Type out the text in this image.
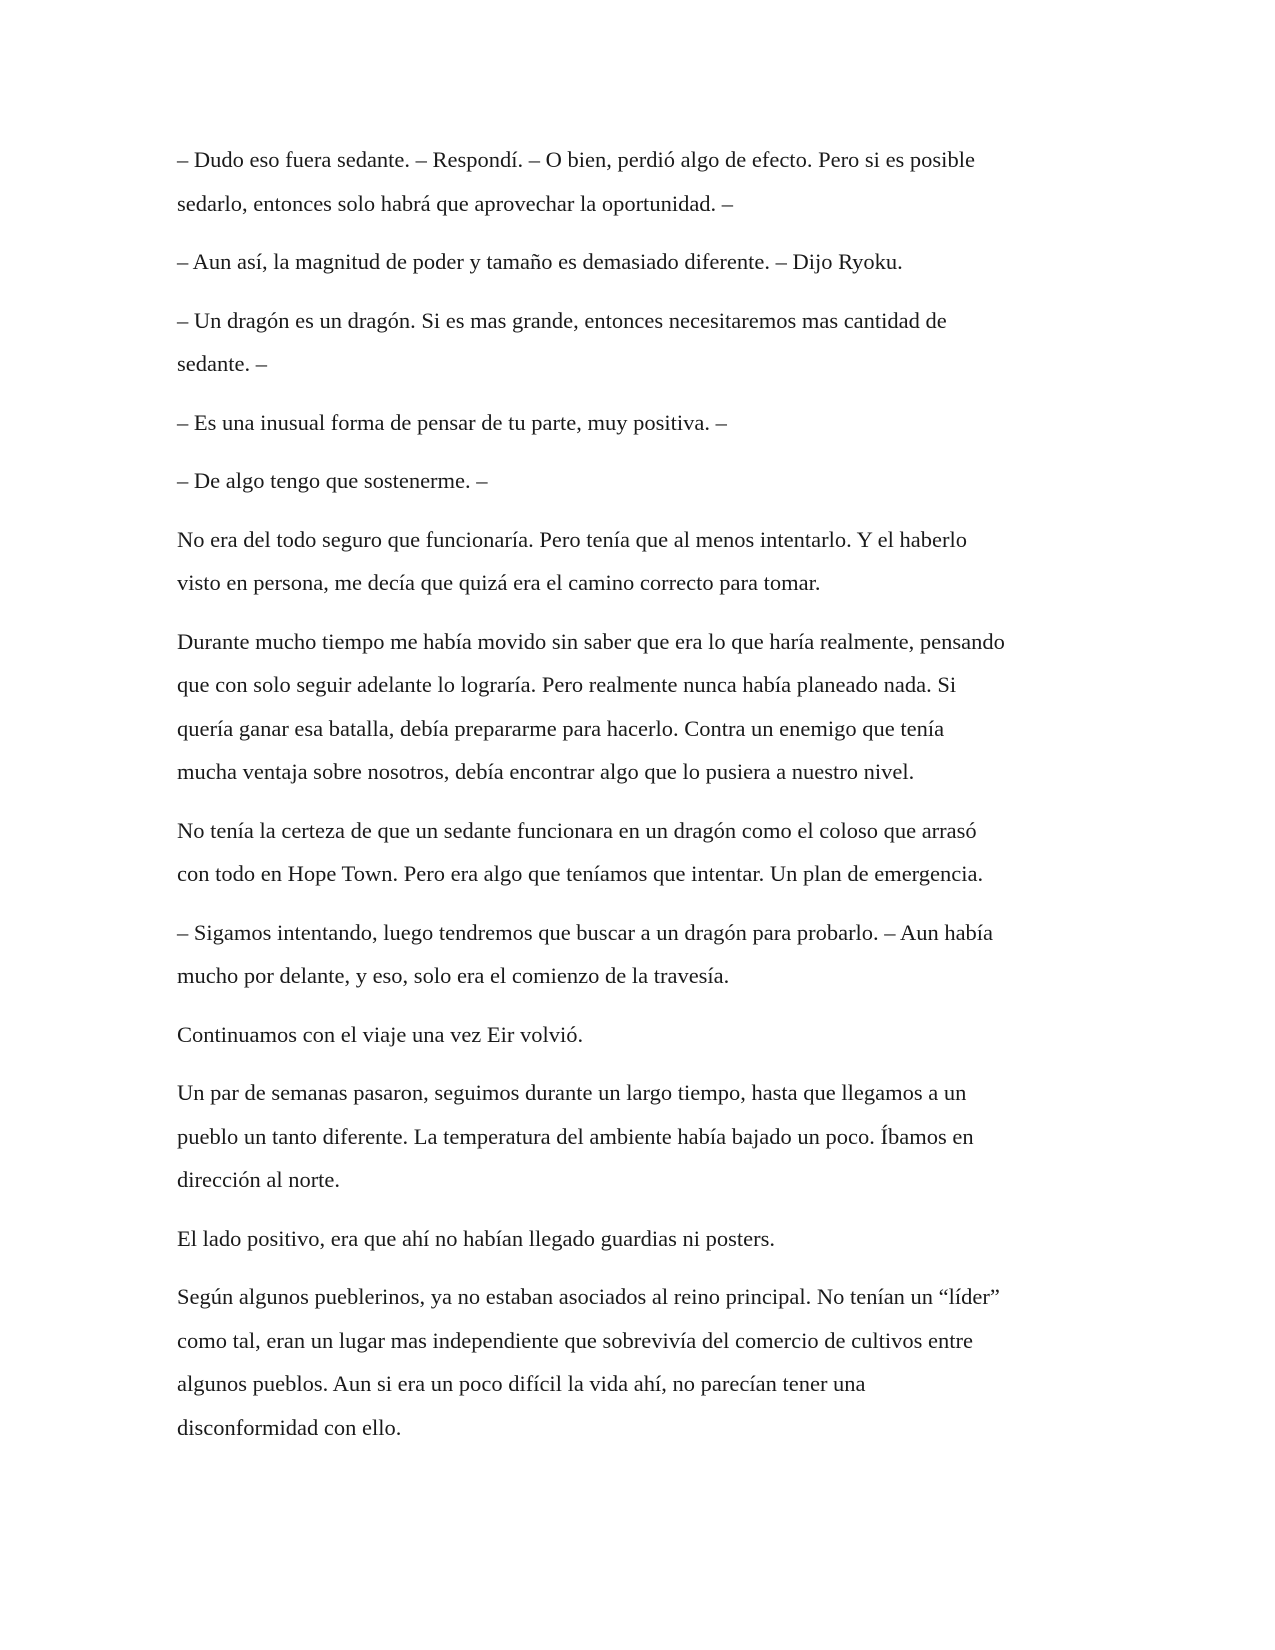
– Dudo eso fuera sedante. – Respondí. – O bien, perdió algo de efecto. Pero si es posible
sedarlo, entonces solo habrá que aprovechar la oportunidad. –

– Aun así, la magnitud de poder y tamaño es demasiado diferente. – Dijo Ryoku.

– Un dragón es un dragón. Si es mas grande, entonces necesitaremos mas cantidad de
sedante. –

– Es una inusual forma de pensar de tu parte, muy positiva. –

– De algo tengo que sostenerme. –

No era del todo seguro que funcionaría. Pero tenía que al menos intentarlo. Y el haberlo
visto en persona, me decía que quizá era el camino correcto para tomar.

Durante mucho tiempo me había movido sin saber que era lo que haría realmente, pensando
que con solo seguir adelante lo lograría. Pero realmente nunca había planeado nada. Si
quería ganar esa batalla, debía prepararme para hacerlo. Contra un enemigo que tenía
mucha ventaja sobre nosotros, debía encontrar algo que lo pusiera a nuestro nivel.

No tenía la certeza de que un sedante funcionara en un dragón como el coloso que arrasó
con todo en Hope Town. Pero era algo que teníamos que intentar. Un plan de emergencia.

– Sigamos intentando, luego tendremos que buscar a un dragón para probarlo. – Aun había
mucho por delante, y eso, solo era el comienzo de la travesía.

Continuamos con el viaje una vez Eir volvió.

Un par de semanas pasaron, seguimos durante un largo tiempo, hasta que llegamos a un
pueblo un tanto diferente. La temperatura del ambiente había bajado un poco. Íbamos en
dirección al norte.

El lado positivo, era que ahí no habían llegado guardias ni posters.

Según algunos pueblerinos, ya no estaban asociados al reino principal. No tenían un “líder”
como tal, eran un lugar mas independiente que sobrevivía del comercio de cultivos entre
algunos pueblos. Aun si era un poco difícil la vida ahí, no parecían tener una
disconformidad con ello.
